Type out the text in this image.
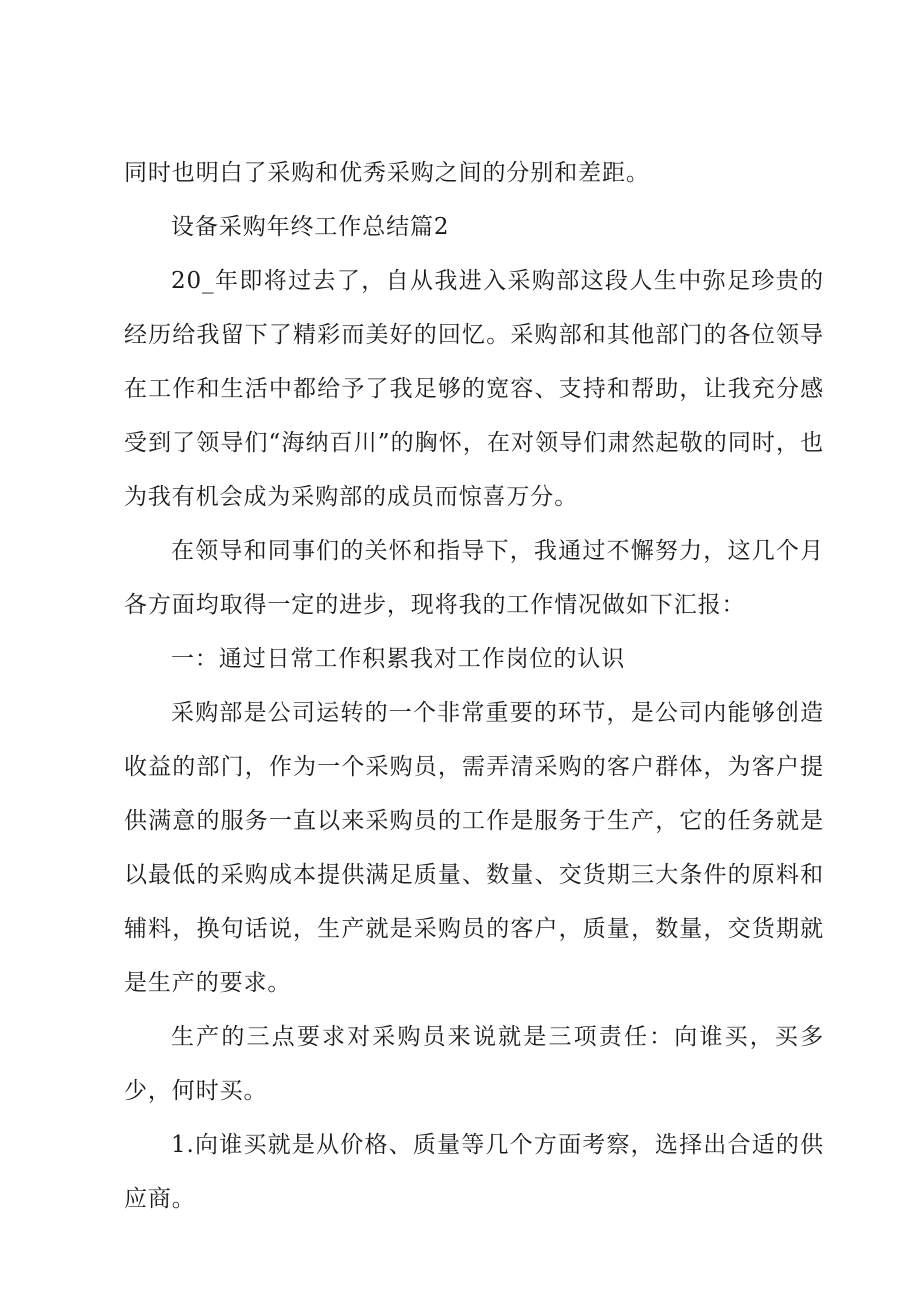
同时也明白了采购和优秀采购之间的分别和差距。

设备采购年终工作总结篇2

20_年即将过去了，自从我进入采购部这段人生中弥足珍贵的经历给我留下了精彩而美好的回忆。采购部和其他部门的各位领导在工作和生活中都给予了我足够的宽容、支持和帮助，让我充分感受到了领导们“海纳百川”的胸怀，在对领导们肃然起敬的同时，也为我有机会成为采购部的成员而惊喜万分。

在领导和同事们的关怀和指导下，我通过不懈努力，这几个月各方面均取得一定的进步，现将我的工作情况做如下汇报：

一：通过日常工作积累我对工作岗位的认识

采购部是公司运转的一个非常重要的环节，是公司内能够创造收益的部门，作为一个采购员，需弄清采购的客户群体，为客户提供满意的服务一直以来采购员的工作是服务于生产，它的任务就是以最低的采购成本提供满足质量、数量、交货期三大条件的原料和辅料，换句话说，生产就是采购员的客户，质量，数量，交货期就是生产的要求。

生产的三点要求对采购员来说就是三项责任：向谁买，买多少，何时买。

1.向谁买就是从价格、质量等几个方面考察，选择出合适的供应商。
